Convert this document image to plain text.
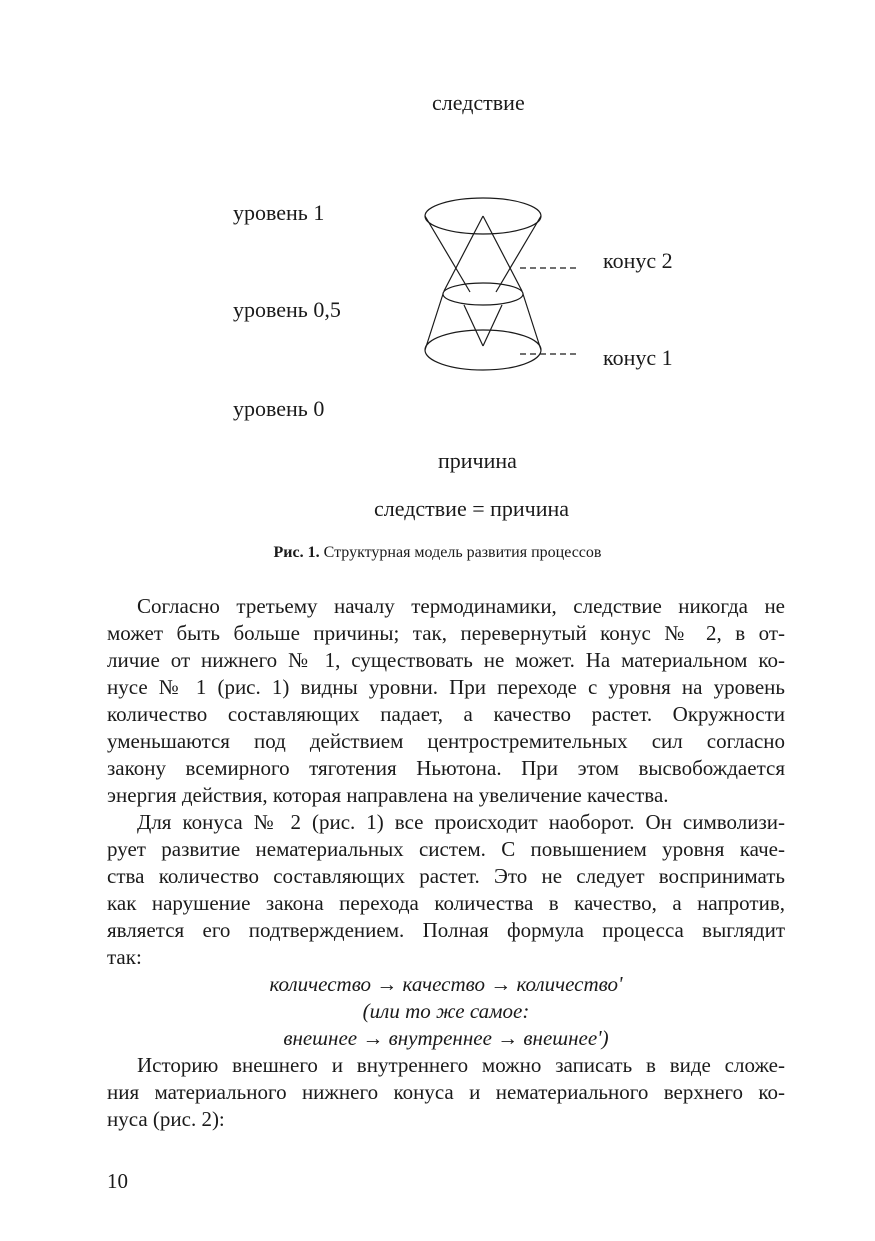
следствие
уровень 1
уровень 0,5
уровень 0
конус 2
конус 1
причина
следствие = причина
Рис. 1. Структурная модель развития процессов
Согласно третьему началу термодинамики, следствие никогда не
может быть больше причины; так, перевернутый конус № 2, в от-
личие от нижнего № 1, существовать не может. На материальном ко-
нусе № 1 (рис. 1) видны уровни. При переходе с уровня на уровень
количество составляющих падает, а качество растет. Окружности
уменьшаются под действием центростремительных сил согласно
закону всемирного тяготения Ньютона. При этом высвобождается
энергия действия, которая направлена на увеличение качества.
Для конуса № 2 (рис. 1) все происходит наоборот. Он символизи-
рует развитие нематериальных систем. С повышением уровня каче-
ства количество составляющих растет. Это не следует воспринимать
как нарушение закона перехода количества в качество, а напротив,
является его подтверждением. Полная формула процесса выглядит
так:
количество → качество → количество'
(или то же самое:
внешнее → внутреннее → внешнее')
Историю внешнего и внутреннего можно записать в виде сложе-
ния материального нижнего конуса и нематериального верхнего ко-
нуса (рис. 2):
10
